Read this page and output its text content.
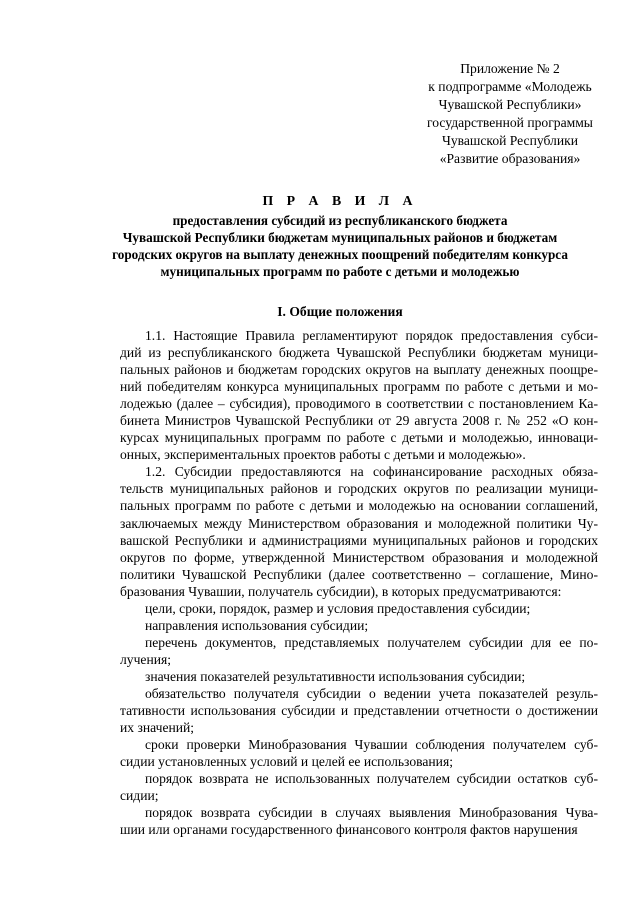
Приложение № 2
к подпрограмме «Молодежь
Чувашской Республики»
государственной программы
Чувашской Республики
«Развитие образования»
П Р А В И Л А
предоставления субсидий из республиканского бюджета
Чувашской Республики бюджетам муниципальных районов и бюджетам
городских округов на выплату денежных поощрений победителям конкурса
муниципальных программ по работе с детьми и молодежью
I. Общие положения
1.1. Настоящие Правила регламентируют порядок предоставления субси-
дий из республиканского бюджета Чувашской Республики бюджетам муници-
пальных районов и бюджетам городских округов на выплату денежных поощре-
ний победителям конкурса муниципальных программ по работе с детьми и мо-
лодежью (далее – субсидия), проводимого в соответствии с постановлением Ка-
бинета Министров Чувашской Республики от 29 августа 2008 г. № 252 «О кон-
курсах муниципальных программ по работе с детьми и молодежью, инноваци-
онных, экспериментальных проектов работы с детьми и молодежью».
1.2. Субсидии предоставляются на софинансирование расходных обяза-
тельств муниципальных районов и городских округов по реализации муници-
пальных программ по работе с детьми и молодежью на основании соглашений,
заключаемых между Министерством образования и молодежной политики Чу-
вашской Республики и администрациями муниципальных районов и городских
округов по форме, утвержденной Министерством образования и молодежной
политики Чувашской Республики (далее соответственно – соглашение, Мино-
бразования Чувашии, получатель субсидии), в которых предусматриваются:
цели, сроки, порядок, размер и условия предоставления субсидии;
направления использования субсидии;
перечень документов, представляемых получателем субсидии для ее по-
лучения;
значения показателей результативности использования субсидии;
обязательство получателя субсидии о ведении учета показателей резуль-
тативности использования субсидии и представлении отчетности о достижении
их значений;
сроки проверки Минобразования Чувашии соблюдения получателем суб-
сидии установленных условий и целей ее использования;
порядок возврата не использованных получателем субсидии остатков суб-
сидии;
порядок возврата субсидии в случаях выявления Минобразования Чува-
шии или органами государственного финансового контроля фактов нарушения
